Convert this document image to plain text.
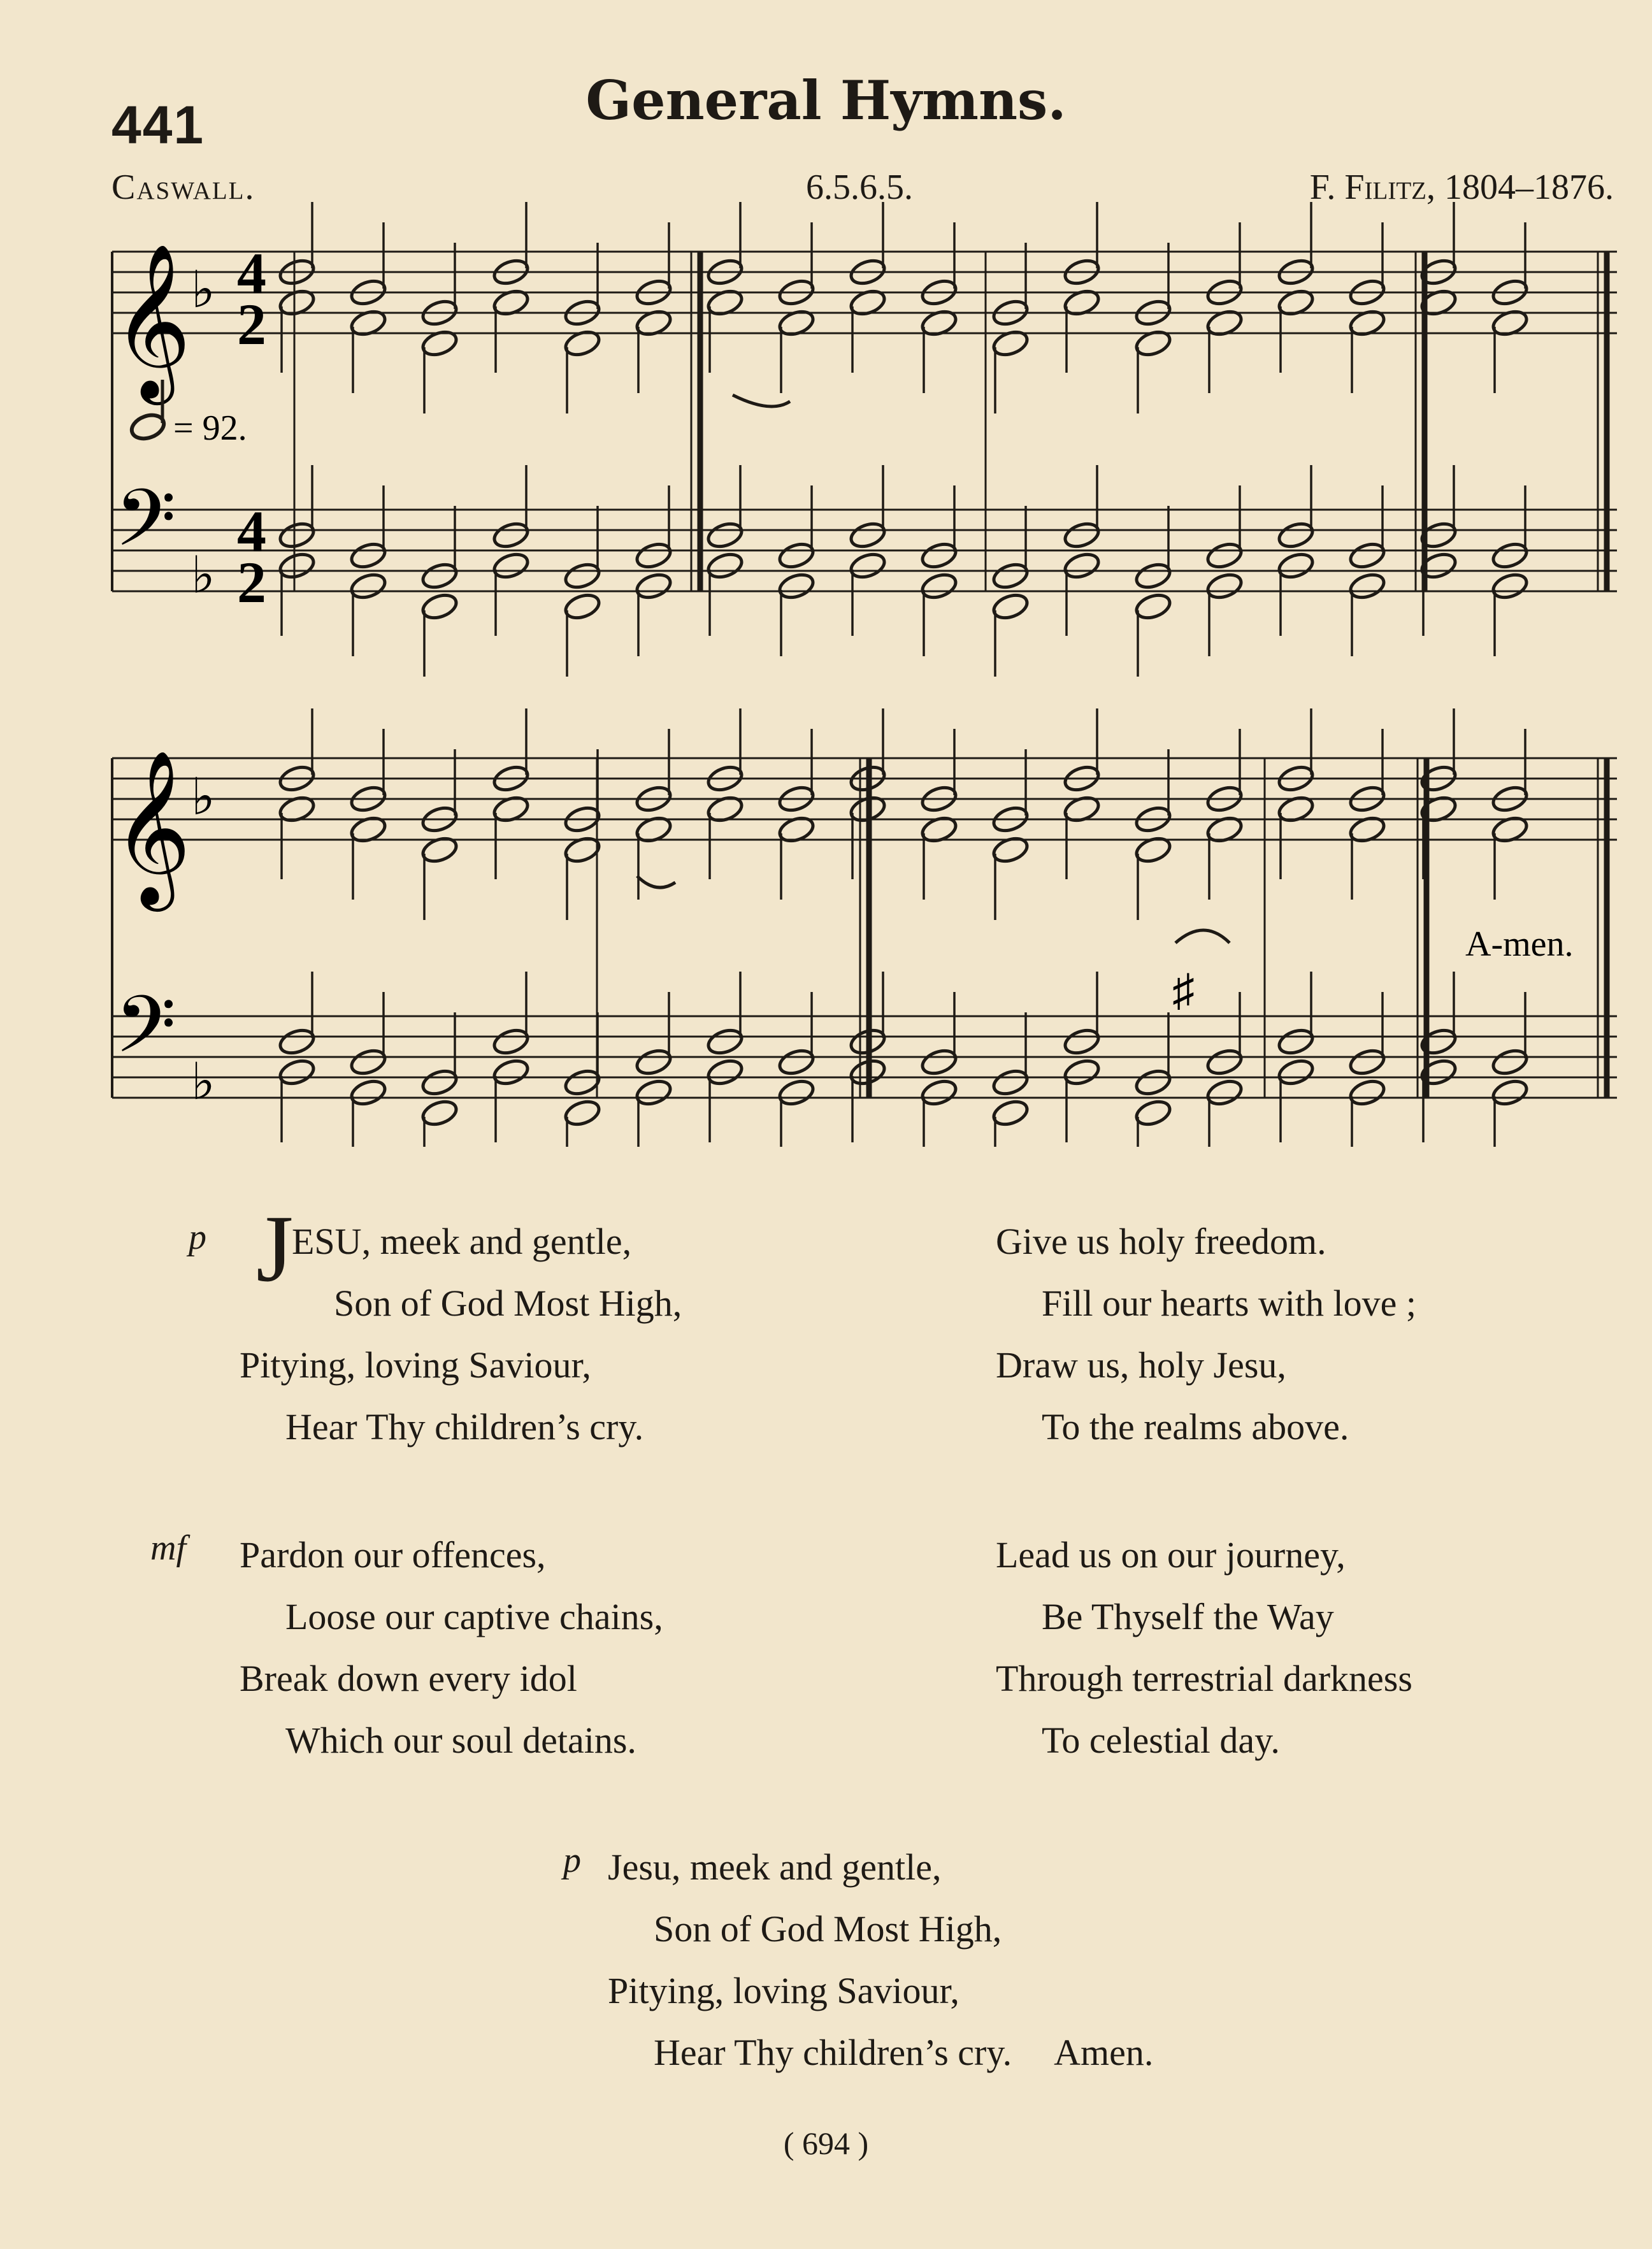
441	General Hymns.
Caswall.	6.5.6.5.	F. Filitz, 1804–1876.
𝄞
𝄢
𝄞
𝄢
♭
♭
♭
♭
4
2
4
2
= 92.
♯
A-men.
p J
ESU, meek and gentle,
Son of God Most High,
Pitying, loving Saviour,
Hear Thy children’s cry.
Give us holy freedom.
Fill our hearts with love ;
Draw us, holy Jesu,
To the realms above.
mf Pardon our offences,
Loose our captive chains,
Break down every idol
Which our soul detains.
Lead us on our journey,
Be Thyself the Way
Through terrestrial darkness
To celestial day.
p Jesu, meek and gentle,
Son of God Most High,
Pitying, loving Saviour,
Hear Thy children’s cry. Amen.
( 694 )
